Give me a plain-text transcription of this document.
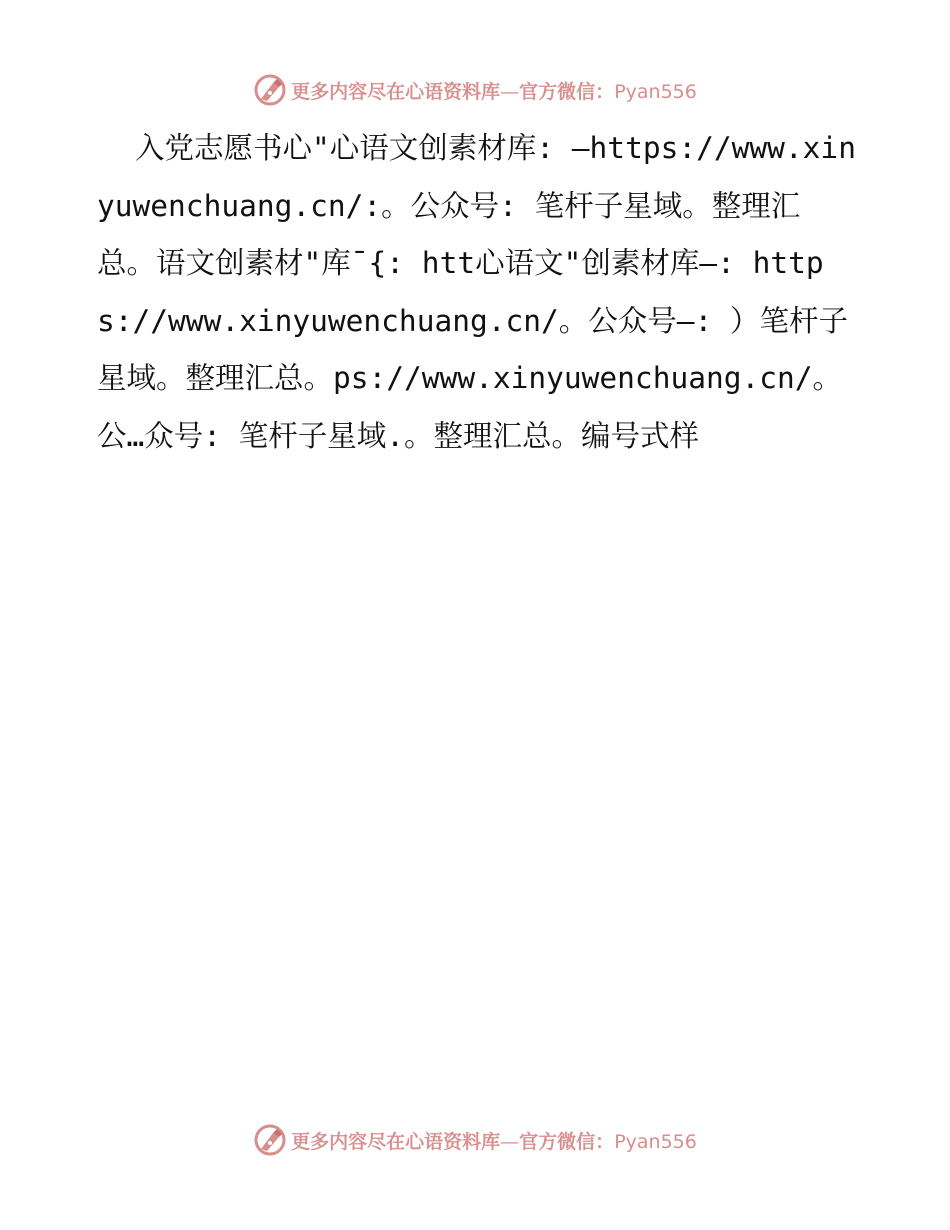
更多内容尽在心语资料库—官方微信：Pyan556

入党志愿书心"心语文创素材库: —https://www.xinyuwenchuang.cn/:。公众号: 笔杆子星域。整理汇总。语文创素材"库¯{: htt心语文"创素材库—: https://www.xinyuwenchuang.cn/。公众号—: ）笔杆子星域。整理汇总。ps://www.xinyuwenchuang.cn/。公…众号: 笔杆子星域.。整理汇总。编号式样

更多内容尽在心语资料库—官方微信：Pyan556
